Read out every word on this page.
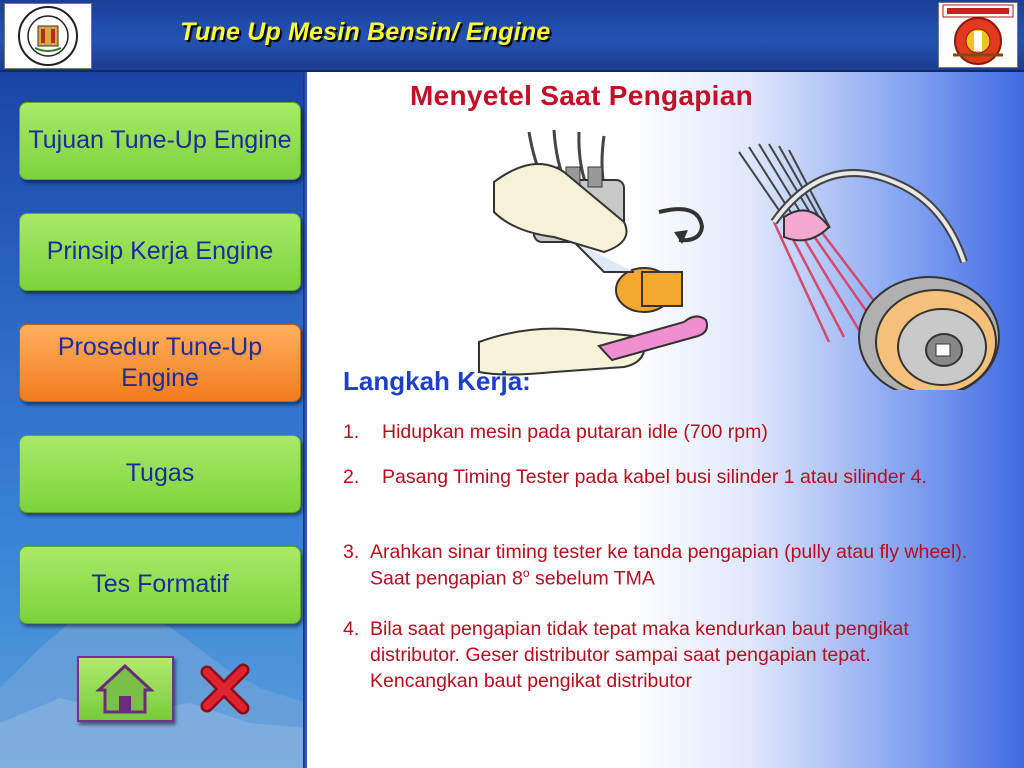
Tune Up Mesin Bensin/ Engine
Tujuan Tune-Up Engine
Prinsip Kerja Engine
Prosedur Tune-Up Engine
Tugas
Tes Formatif
Menyetel Saat Pengapian
Langkah Kerja:
1.	Hidupkan mesin pada putaran idle (700 rpm)
2.	Pasang Timing Tester pada kabel busi silinder 1 atau silinder 4.
3. Arahkan sinar timing tester ke tanda pengapian (pully atau fly wheel). Saat pengapian 8$^o$ sebelum TMA
4. Bila saat pengapian tidak tepat maka kendurkan baut pengikat distributor. Geser distributor sampai saat pengapian tepat. Kencangkan baut pengikat distributor
